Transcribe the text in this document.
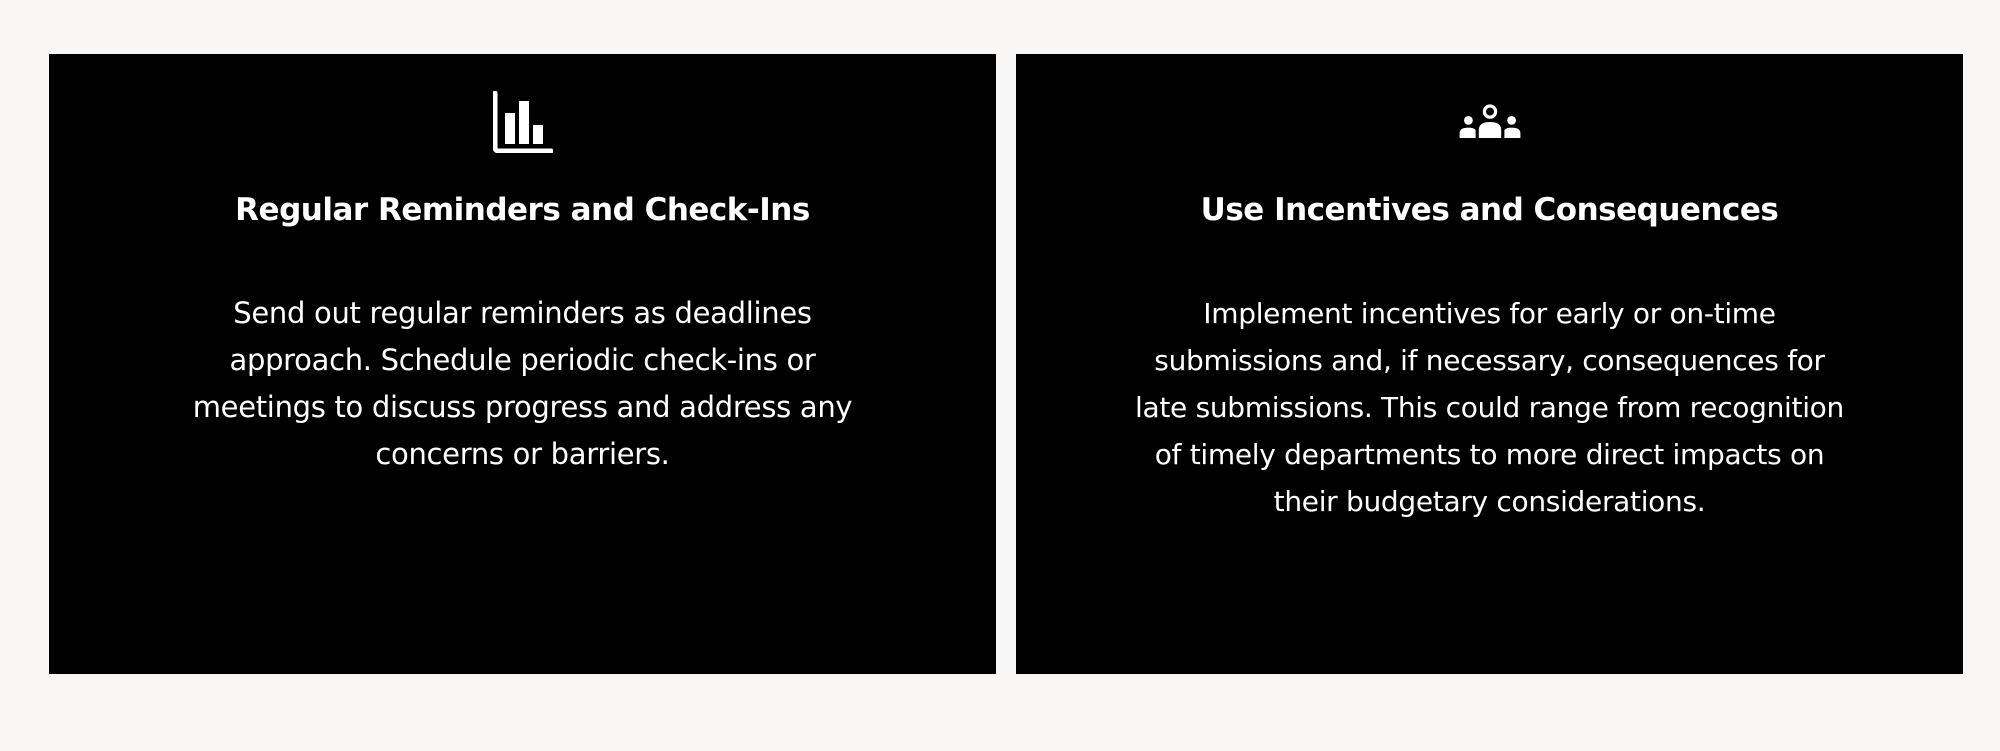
Regular Reminders and Check-Ins
Send out regular reminders as deadlines
approach. Schedule periodic check-ins or
meetings to discuss progress and address any
concerns or barriers.
Use Incentives and Consequences
Implement incentives for early or on-time
submissions and, if necessary, consequences for
late submissions. This could range from recognition
of timely departments to more direct impacts on
their budgetary considerations.
